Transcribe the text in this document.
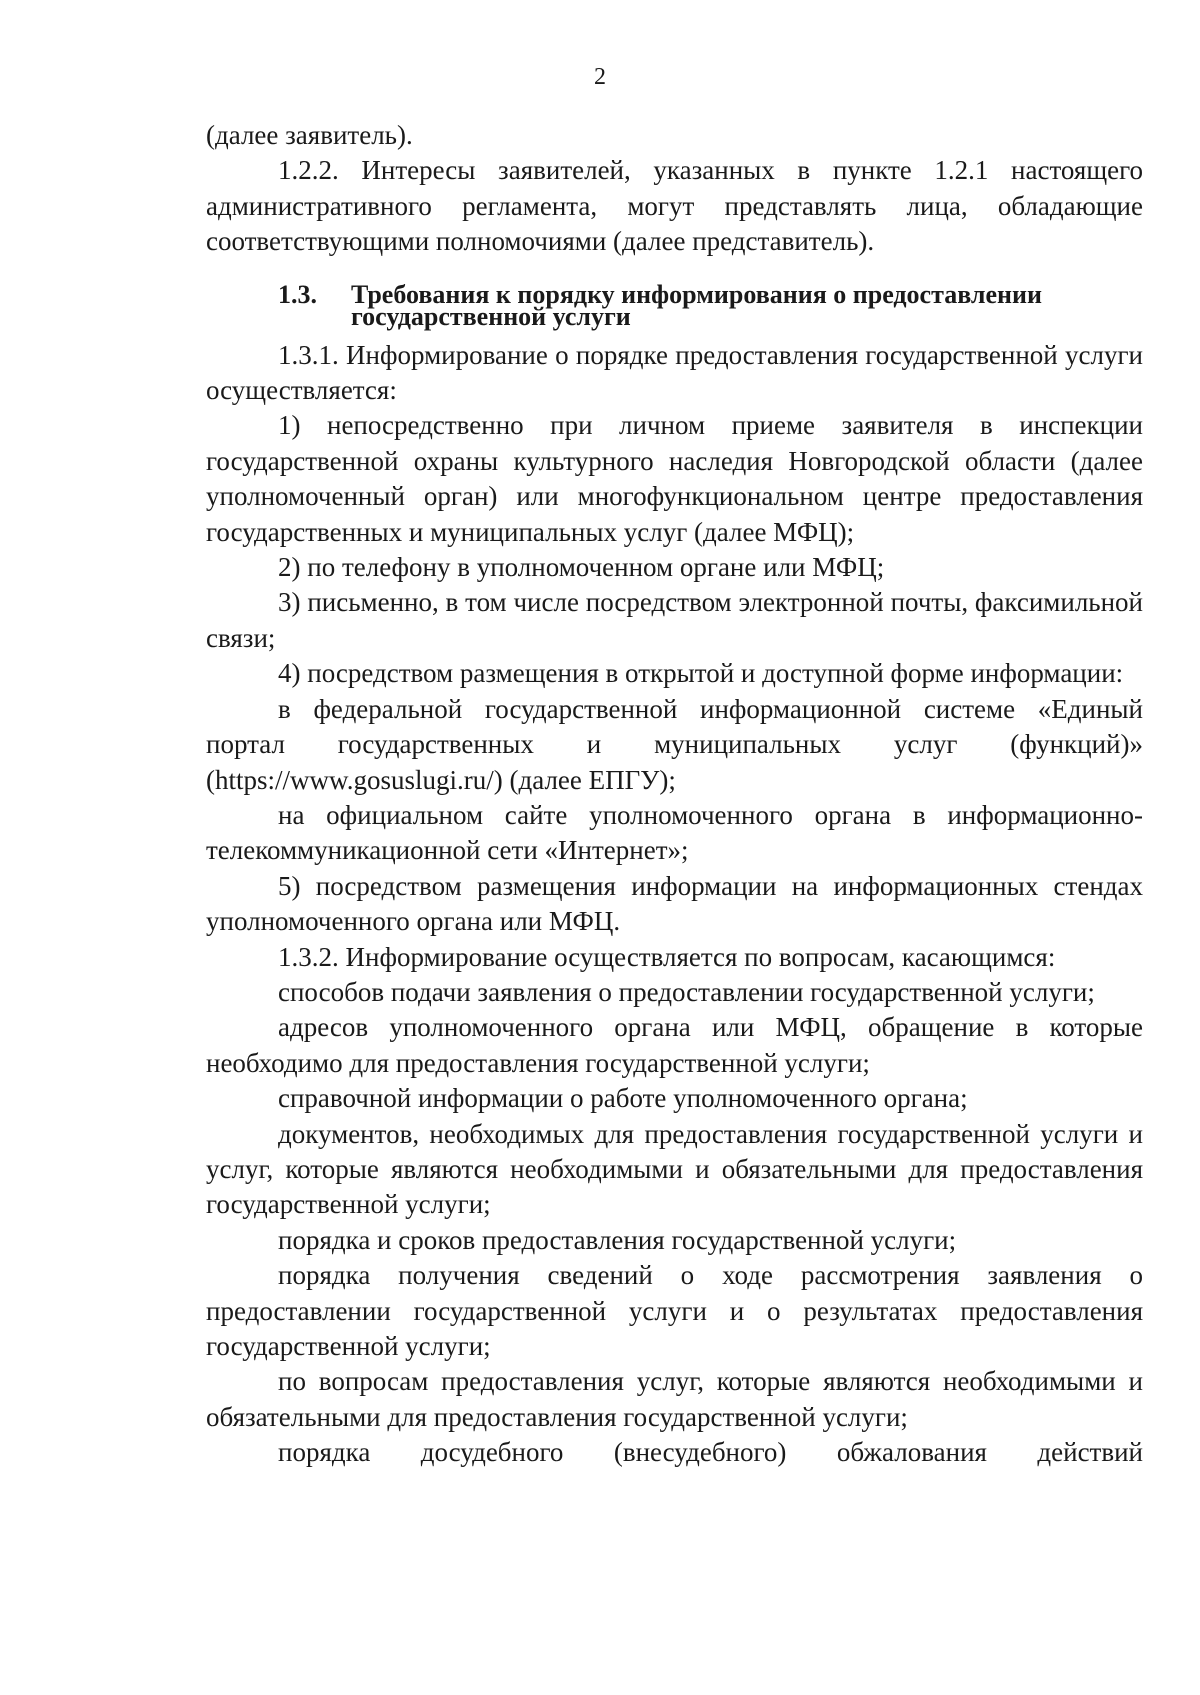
2

(далее заявитель).

1.2.2. Интересы заявителей, указанных в пункте 1.2.1 настоящего административного регламента, могут представлять лица, обладающие соответствующими полномочиями (далее представитель).

1.3.	Требования к порядку информирования о предоставлении государственной услуги

1.3.1. Информирование о порядке предоставления государственной услуги осуществляется:

1) непосредственно при личном приеме заявителя в инспекции государственной охраны культурного наследия Новгородской области (далее уполномоченный орган) или многофункциональном центре предоставления государственных и муниципальных услуг (далее МФЦ);

2) по телефону в уполномоченном органе или МФЦ;

3) письменно, в том числе посредством электронной почты, факсимильной связи;

4) посредством размещения в открытой и доступной форме информации:

в федеральной государственной информационной системе «Единый портал государственных и муниципальных услуг (функций)» (https://www.gosuslugi.ru/) (далее ЕПГУ);

на официальном сайте уполномоченного органа в информационно-телекоммуникационной сети «Интернет»;

5) посредством размещения информации на информационных стендах уполномоченного органа или МФЦ.

1.3.2. Информирование осуществляется по вопросам, касающимся:

способов подачи заявления о предоставлении государственной услуги;

адресов уполномоченного органа или МФЦ, обращение в которые необходимо для предоставления государственной услуги;

справочной информации о работе уполномоченного органа;

документов, необходимых для предоставления государственной услуги и услуг, которые являются необходимыми и обязательными для предоставления государственной услуги;

порядка и сроков предоставления государственной услуги;

порядка получения сведений о ходе рассмотрения заявления о предоставлении государственной услуги и о результатах предоставления государственной услуги;

по вопросам предоставления услуг, которые являются необходимыми и обязательными для предоставления государственной услуги;

порядка досудебного (внесудебного) обжалования действий
